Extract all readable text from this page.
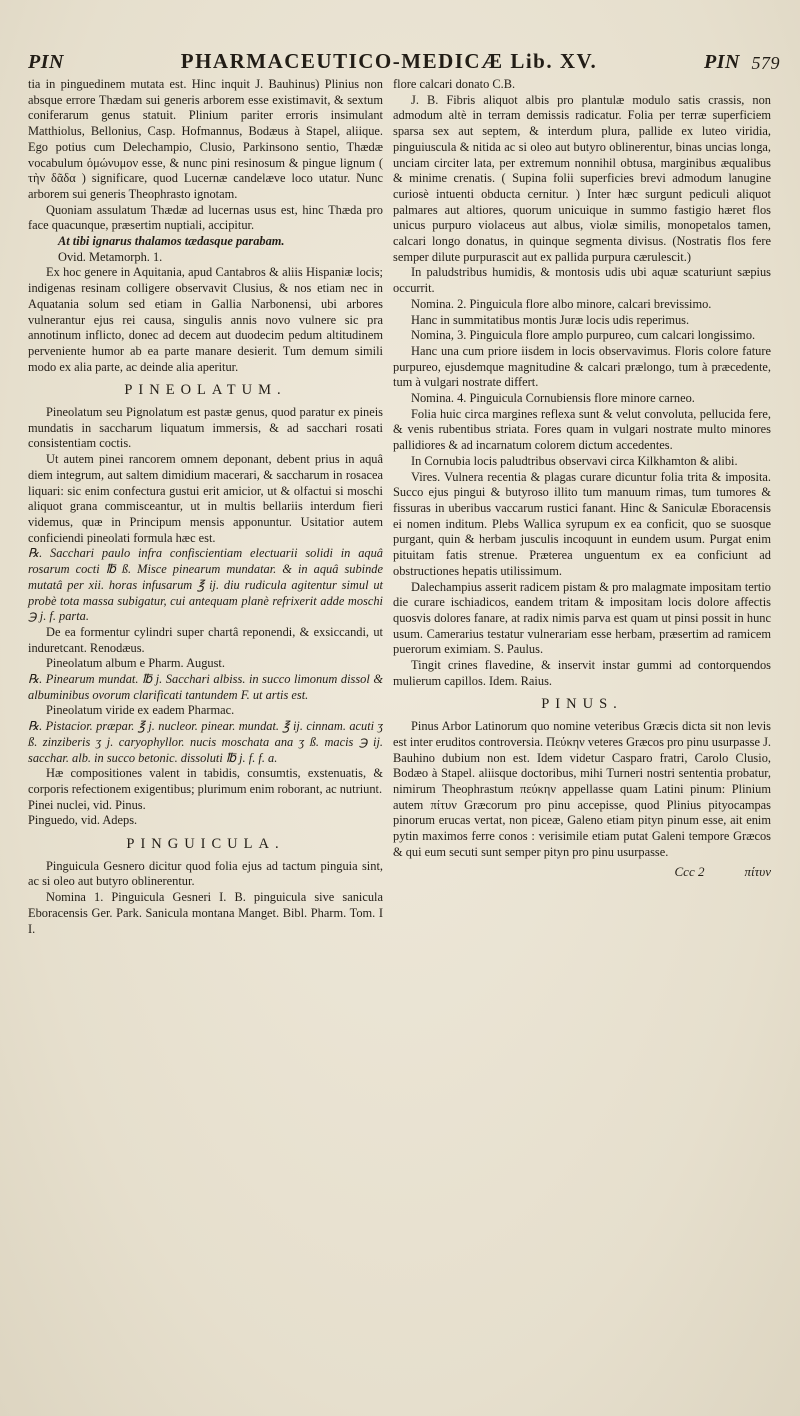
PIN	PHARMACEUTICO-MEDICÆ Lib. XV.	PIN 579

tia in pinguedinem mutata est. Hinc inquit J. Bauhinus) Plinius non absque errore Thædam sui generis arborem esse existimavit, & sextum coniferarum genus statuit. Plinium pariter erroris insimulant Matthiolus, Bellonius, Casp. Hofmannus, Bodæus à Stapel, aliique. Ego potius cum Delechampio, Clusio, Parkinsono sentio, Thædæ vocabulum ὁμώνυμον esse, & nunc pini resinosum & pingue lignum ( τὴν δᾶδα ) significare, quod Lucernæ candelæve loco utatur. Nunc arborem sui generis Theophrasto ignotam.

Quoniam assulatum Thædæ ad lucernas usus est, hinc Thæda pro face quacunque, præsertim nuptiali, accipitur.

At tibi ignarus thalamos tædasque parabam.

Ovid. Metamorph. 1.

Ex hoc genere in Aquitania, apud Cantabros & aliis Hispaniæ locis; indigenas resinam colligere observavit Clusius, & nos etiam nec in Aquatania solum sed etiam in Gallia Narbonensi, ubi arbores vulnerantur ejus rei causa, singulis annis novo vulnere sic pra annotinum inflicto, donec ad decem aut duodecim pedum altitudinem perveniente humor ab ea parte manare desierit. Tum demum simili modo ex alia parte, ac deinde alia aperitur.

PINEOLATUM.

Pineolatum seu Pignolatum est pastæ genus, quod paratur ex pineis mundatis in saccharum liquatum immersis, & ad sacchari rosati consistentiam coctis.

Ut autem pinei rancorem omnem deponant, debent prius in aquâ diem integrum, aut saltem dimidium macerari, & saccharum in rosacea liquari: sic enim confectura gustui erit amicior, ut & olfactui si moschi aliquot grana commisceantur, ut in multis bellariis interdum fieri videmus, quæ in Principum mensis apponuntur. Usitatior autem conficiendi pineolati formula hæc est.

℞. Sacchari paulo infra confiscientiam electuarii solidi in aquâ rosarum cocti ℔ ß. Misce pinearum mundatar. & in aquâ subinde mutatâ per xii. horas infusarum ℥ ij. diu rudicula agitentur simul ut probè tota massa subigatur, cui antequam planè refrixerit adde moschi ℈ j. f. parta.

De ea formentur cylindri super chartâ reponendi, & exsiccandi, ut induretcant. Renodæus.

Pineolatum album e Pharm. August.

℞. Pinearum mundat. ℔ j. Sacchari albiss. in succo limonum dissol & albuminibus ovorum clarificati tantundem F. ut artis est.

Pineolatum viride ex eadem Pharmac.

℞. Pistacior. præpar. ℥ j. nucleor. pinear. mundat. ℥ ij. cinnam. acuti ʒ ß. zinziberis ʒ j. caryophyllor. nucis moschata ana ʒ ß. macis ℈ ij. sacchar. alb. in succo betonic. dissoluti ℔ j. f. f. a.

Hæ compositiones valent in tabidis, consumtis, exstenuatis, & corporis refectionem exigentibus; plurimum enim roborant, ac nutriunt.

Pinei nuclei, vid. Pinus.

Pinguedo, vid. Adeps.

PINGUICULA.

Pinguicula Gesnero dicitur quod folia ejus ad tactum pinguia sint, ac si oleo aut butyro oblinerentur.

Nomina 1. Pinguicula Gesneri I. B. pinguicula sive sanicula Eboracensis Ger. Park. Sanicula montana Manget. Bibl. Pharm. Tom. I I.

flore calcari donato C.B.

J. B. Fibris aliquot albis pro plantulæ modulo satis crassis, non admodum altè in terram demissis radicatur. Folia per terræ superficiem sparsa sex aut septem, & interdum plura, pallide ex luteo viridia, pinguiuscula & nitida ac si oleo aut butyro oblinerentur, binas uncias longa, unciam circiter lata, per extremum nonnihil obtusa, marginibus æqualibus & minime crenatis. ( Supina folii superficies brevi admodum lanugine curiosè intuenti obducta cernitur. ) Inter hæc surgunt pediculi aliquot palmares aut altiores, quorum unicuique in summo fastigio hæret flos unicus purpuro violaceus aut albus, violæ similis, monopetalos tamen, calcari longo donatus, in quinque segmenta divisus. (Nostratis flos fere semper dilute purpurascit aut ex pallida purpura cærulescit.)

In paludstribus humidis, & montosis udis ubi aquæ scaturiunt sæpius occurrit.

Nomina. 2. Pinguicula flore albo minore, calcari brevissimo.

Hanc in summitatibus montis Juræ locis udis reperimus.

Nomina, 3. Pinguicula flore amplo purpureo, cum calcari longissimo.

Hanc una cum priore iisdem in locis observavimus. Floris colore fature purpureo, ejusdemque magnitudine & calcari prælongo, tum à præcedente, tum à vulgari nostrate differt.

Nomina. 4. Pinguicula Cornubiensis flore minore carneo.

Folia huic circa margines reflexa sunt & velut convoluta, pellucida fere, & venis rubentibus striata. Fores quam in vulgari nostrate multo minores pallidiores & ad incarnatum colorem dictum accedentes.

In Cornubia locis paludtribus observavi circa Kilkhamton & alibi.

Vires. Vulnera recentia & plagas curare dicuntur folia trita & imposita. Succo ejus pingui & butyroso illito tum manuum rimas, tum tumores & fissuras in uberibus vaccarum rustici fanant. Hinc & Saniculæ Eboracensis ei nomen inditum. Plebs Wallica syrupum ex ea conficit, quo se suosque purgant, quin & herbam jusculis incoquunt in eundem usum. Purgat enim pituitam fatis strenue. Præterea unguentum ex ea conficiunt ad obstructiones hepatis utilissimum.

Dalechampius asserit radicem pistam & pro malagmate impositam tertio die curare ischiadicos, eandem tritam & impositam locis dolore affectis quosvis dolores fanare, at radix nimis parva est quam ut pinsi possit in hunc usum. Camerarius testatur vulnerariam esse herbam, præsertim ad ramicem puerorum eximiam. S. Paulus.

Tingit crines flavedine, & inservit instar gummi ad contorquendos mulierum capillos. Idem. Raius.

PINUS.

Pinus Arbor Latinorum quo nomine veteribus Græcis dicta sit non levis est inter eruditos controversia. Πεύκην veteres Græcos pro pinu usurpasse J. Bauhino dubium non est. Idem videtur Casparo fratri, Carolo Clusio, Bodæo à Stapel. aliisque doctoribus, mihi Turneri nostri sententia probatur, nimirum Theophrastum πεύκην appellasse quam Latini pinum: Plinium autem πίτυν Græcorum pro pinu accepisse, quod Plinius pityocampas pinorum erucas vertat, non piceæ, Galeno etiam pityn pinum esse, ait enim pytin maximos ferre conos : verisimile etiam putat Galeni tempore Græcos & qui eum secuti sunt semper pityn pro pinu usurpasse.

Ccc 2	πίτυν
